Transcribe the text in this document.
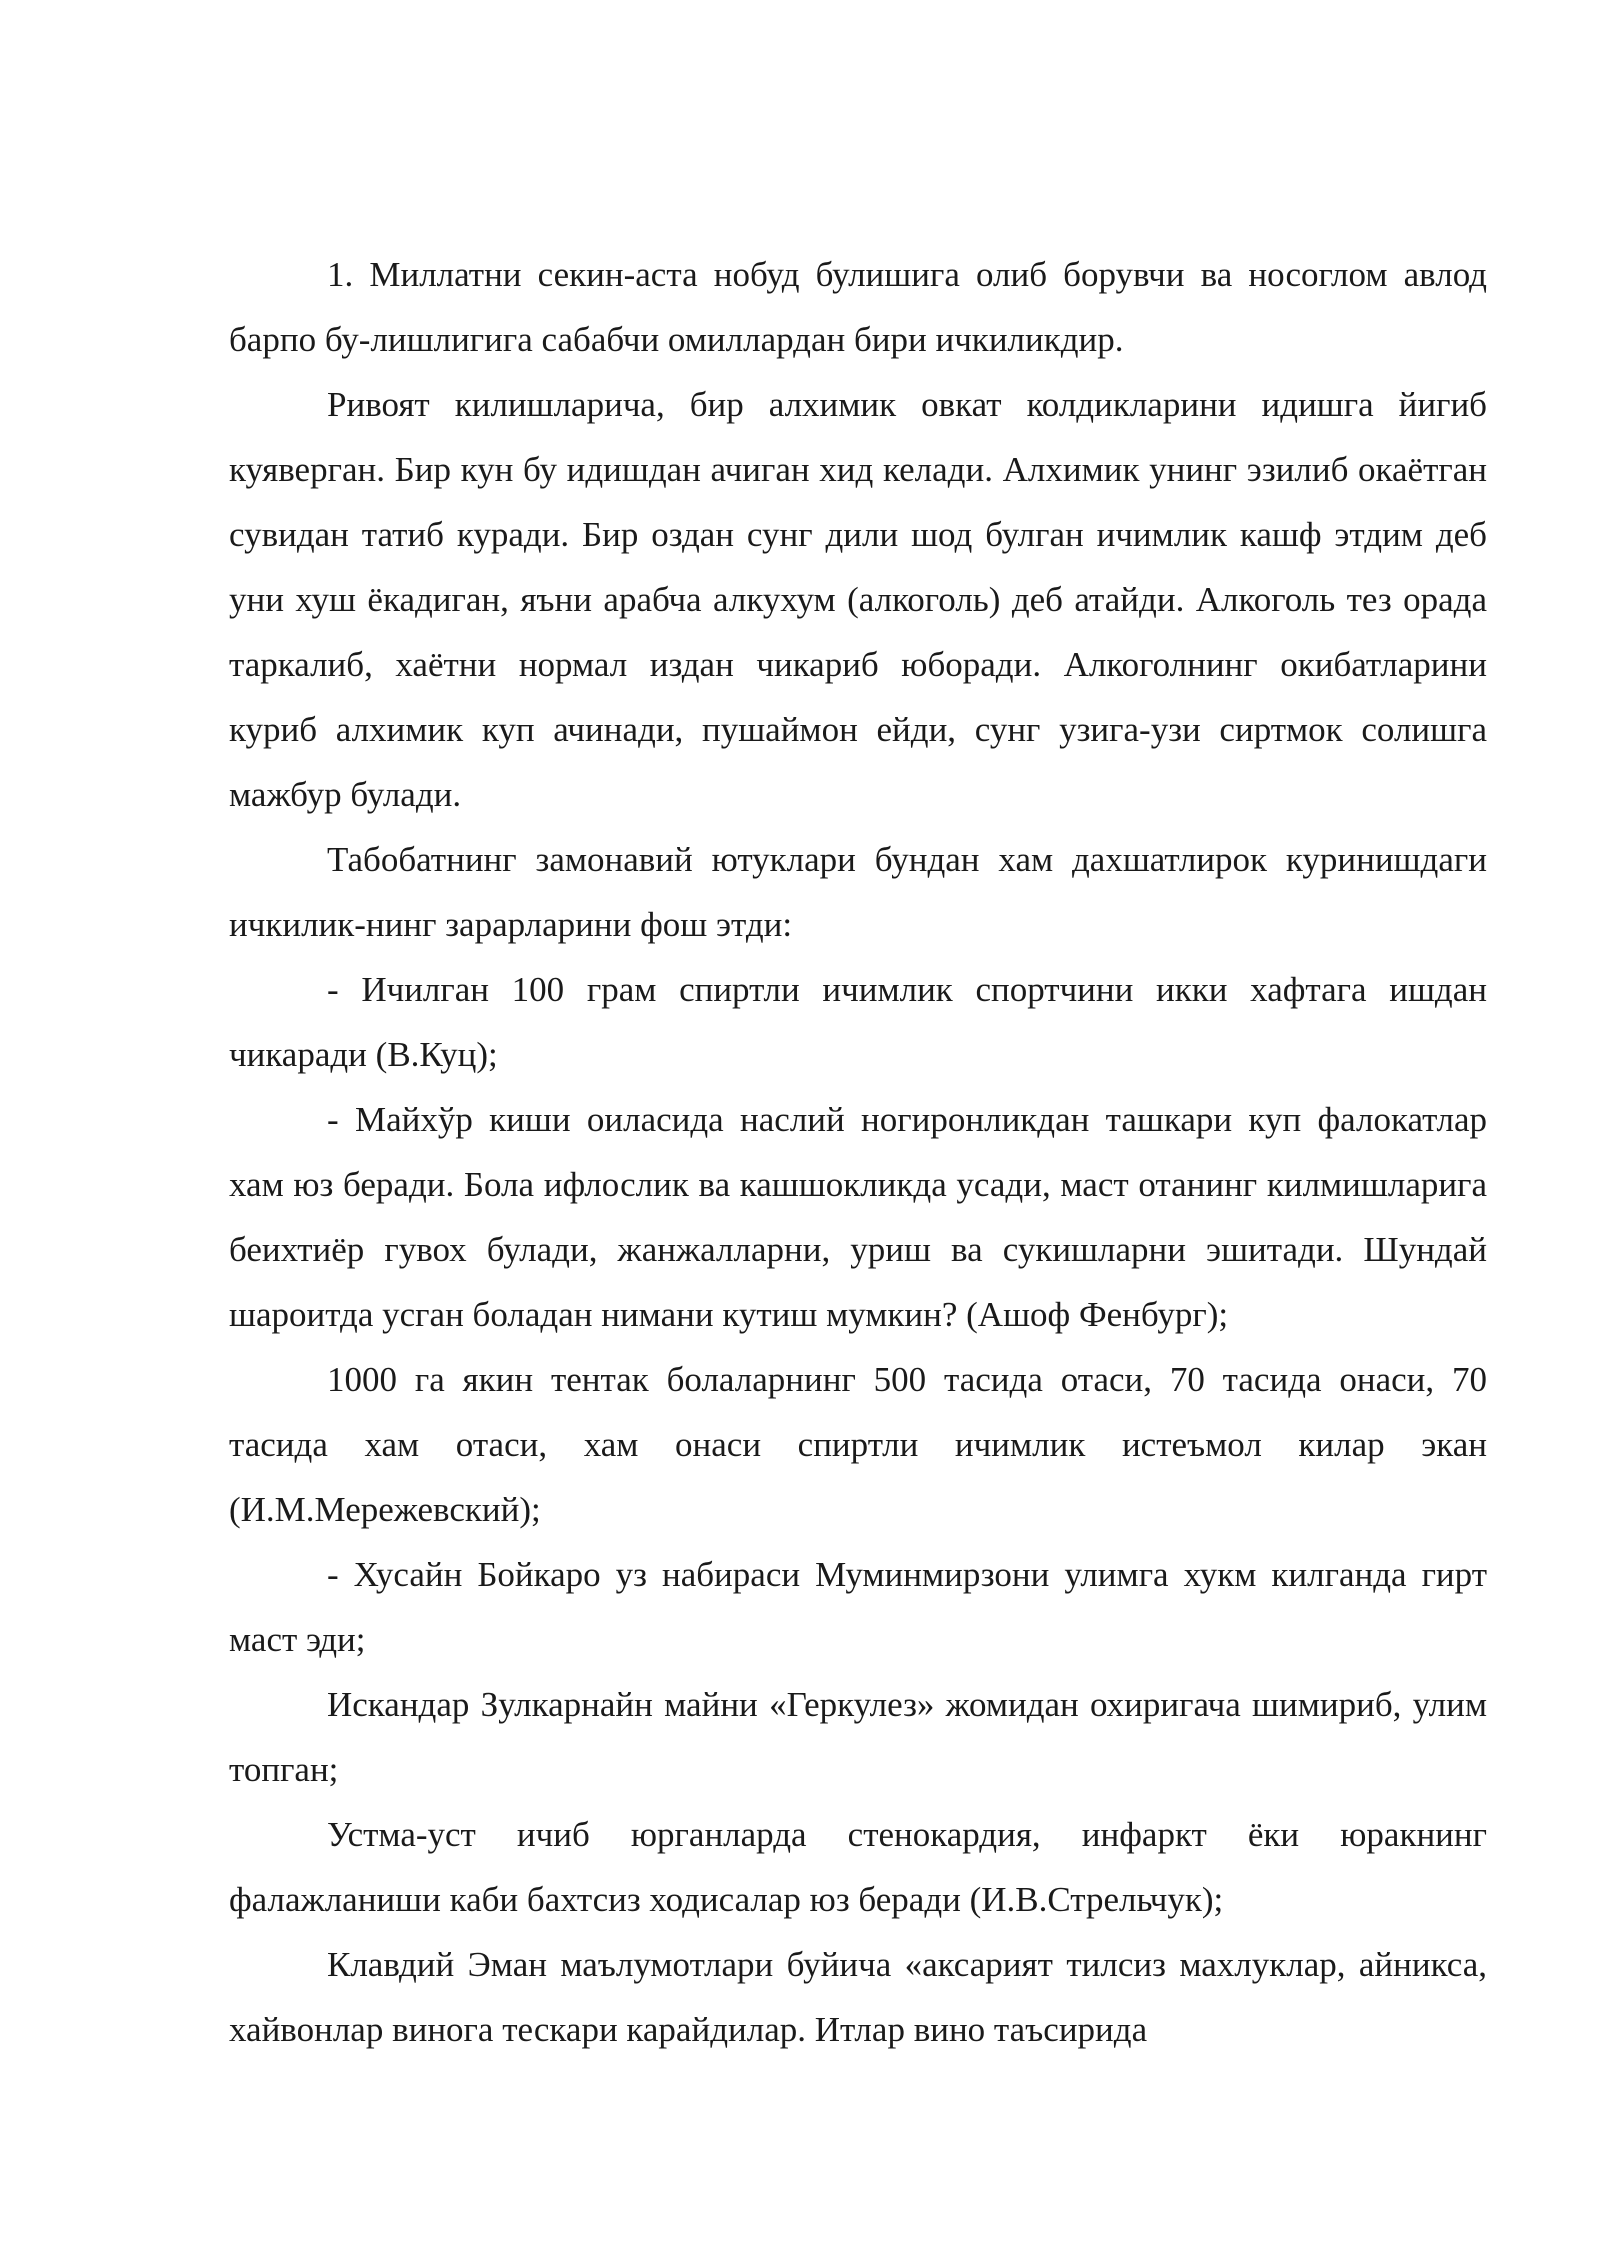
1. Миллатни секин-аста нобуд булишига олиб борувчи ва носоглом авлод барпо бу-лишлигига сабабчи омиллардан бири ичкиликдир.

Ривоят килишларича, бир алхимик овкат колдикларини идишга йигиб куяверган. Бир кун бу идишдан ачиган хид келади. Алхимик унинг эзилиб окаётган сувидан татиб куради. Бир оздан сунг дили шод булган ичимлик кашф этдим деб уни хуш ёкадиган, яъни арабча алкухум (алкоголь) деб атайди. Алкоголь тез орада таркалиб, хаётни нормал издан чикариб юборади. Алкоголнинг окибатларини куриб алхимик куп ачинади, пушаймон ейди, сунг узига-узи сиртмок солишга мажбур булади.

Табобатнинг замонавий ютуклари бундан хам дахшатлирок куринишдаги ичкилик-нинг зарарларини фош этди:

- Ичилган 100 грам спиртли ичимлик спортчини икки хафтага ишдан чикаради (В.Куц);

- Майхўр киши оиласида наслий ногиронликдан ташкари куп фалокатлар хам юз беради. Бола ифлослик ва кашшокликда усади, маст отанинг килмишларига беихтиёр гувох булади, жанжалларни, уриш ва сукишларни эшитади. Шундай шароитда усган боладан нимани кутиш мумкин? (Ашоф Фенбург);

1000 га якин тентак болаларнинг 500 тасида отаси, 70 тасида онаси, 70 тасида хам отаси, хам онаси спиртли ичимлик истеъмол килар экан (И.М.Мережевский);

- Хусайн Бойкаро уз набираси Муминмирзони улимга хукм килганда гирт маст эди;

Искандар Зулкарнайн майни «Геркулез» жомидан охиригача шимириб, улим топган;

Устма-уст ичиб юрганларда стенокардия, инфаркт ёки юракнинг фалажланиши каби бахтсиз ходисалар юз беради (И.В.Стрельчук);

Клавдий Эман маълумотлари буйича «аксарият тилсиз махлуклар, айникса, хайвонлар виногa тескари карайдилар. Итлар вино таъсирида
